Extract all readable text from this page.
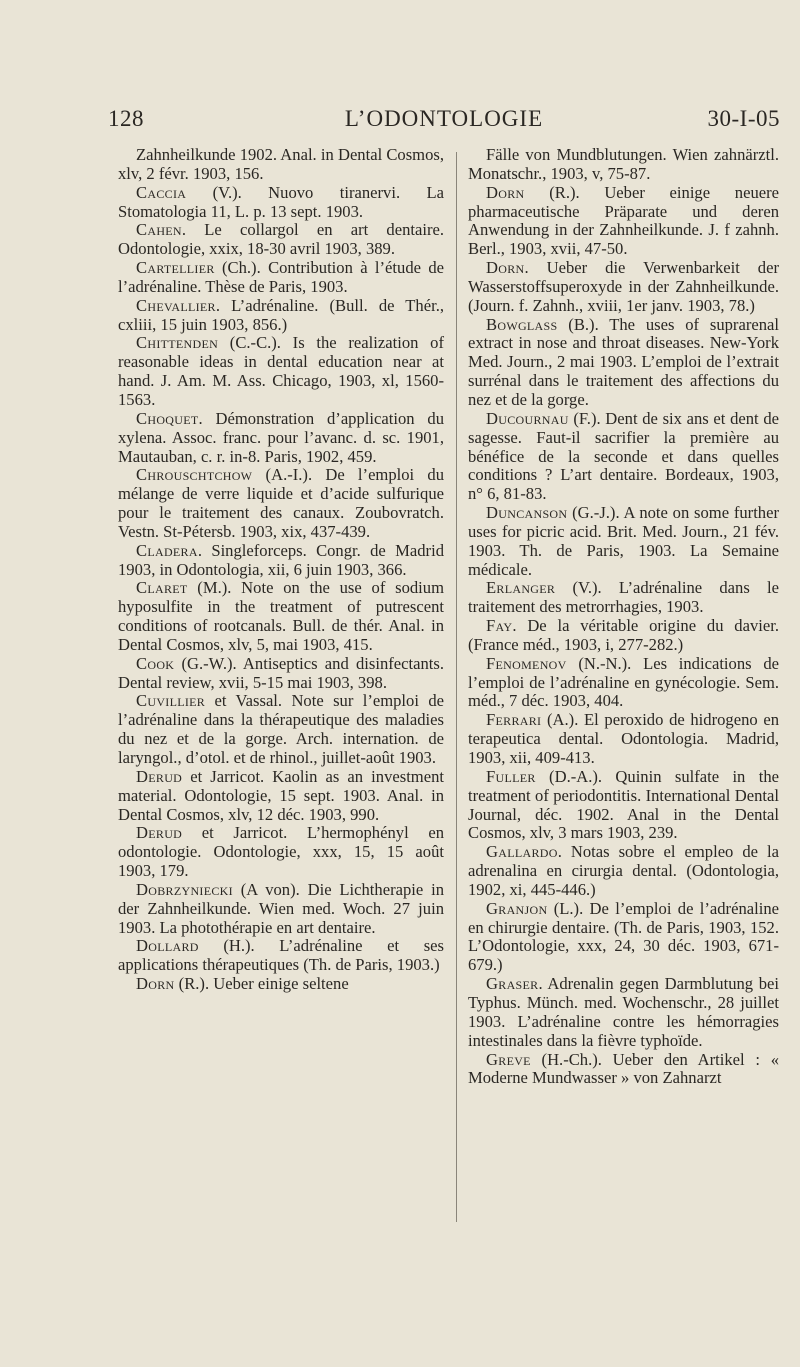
128	L’ODONTOLOGIE	30-I-05

Zahnheilkunde 1902. Anal. in Dental Cosmos, xlv, 2 févr. 1903, 156.

Caccia (V.). Nuovo tiranervi. La Stomatologia 11, L. p. 13 sept. 1903.

Cahen. Le collargol en art dentaire. Odontologie, xxix, 18-30 avril 1903, 389.

Cartellier (Ch.). Contribution à l’étude de l’adrénaline. Thèse de Paris, 1903.

Chevallier. L’adrénaline. (Bull. de Thér., cxliii, 15 juin 1903, 856.)

Chittenden (C.-C.). Is the realization of reasonable ideas in dental education near at hand. J. Am. M. Ass. Chicago, 1903, xl, 1560-1563.

Choquet. Démonstration d’application du xylena. Assoc. franc. pour l’avanc. d. sc. 1901, Mautauban, c. r. in-8. Paris, 1902, 459.

Chrouschtchow (A.-I.). De l’emploi du mélange de verre liquide et d’acide sulfurique pour le traitement des canaux. Zoubovratch. Vestn. St-Pétersb. 1903, xix, 437-439.

Cladera. Singleforceps. Congr. de Madrid 1903, in Odontologia, xii, 6 juin 1903, 366.

Claret (M.). Note on the use of sodium hyposulfite in the treatment of putrescent conditions of rootcanals. Bull. de thér. Anal. in Dental Cosmos, xlv, 5, mai 1903, 415.

Cook (G.-W.). Antiseptics and disinfectants. Dental review, xvii, 5-15 mai 1903, 398.

Cuvillier et Vassal. Note sur l’emploi de l’adrénaline dans la thérapeutique des maladies du nez et de la gorge. Arch. internation. de laryngol., d’otol. et de rhinol., juillet-août 1903.

Derud et Jarricot. Kaolin as an investment material. Odontologie, 15 sept. 1903. Anal. in Dental Cosmos, xlv, 12 déc. 1903, 990.

Derud et Jarricot. L’hermophényl en odontologie. Odontologie, xxx, 15, 15 août 1903, 179.

Dobrzyniecki (A von). Die Lichtherapie in der Zahnheilkunde. Wien med. Woch. 27 juin 1903. La photothérapie en art dentaire.

Dollard (H.). L’adrénaline et ses applications thérapeutiques (Th. de Paris, 1903.)

Dorn (R.). Ueber einige seltene

Fälle von Mundblutungen. Wien zahnärztl. Monatschr., 1903, v, 75-87.

Dorn (R.). Ueber einige neuere pharmaceutische Präparate und deren Anwendung in der Zahnheilkunde. J. f zahnh. Berl., 1903, xvii, 47-50.

Dorn. Ueber die Verwenbarkeit der Wasserstoffsuperoxyde in der Zahnheilkunde. (Journ. f. Zahnh., xviii, 1er janv. 1903, 78.)

Bowglass (B.). The uses of suprarenal extract in nose and throat diseases. New-York Med. Journ., 2 mai 1903. L’emploi de l’extrait surrénal dans le traitement des affections du nez et de la gorge.

Ducournau (F.). Dent de six ans et dent de sagesse. Faut-il sacrifier la première au bénéfice de la seconde et dans quelles conditions ? L’art dentaire. Bordeaux, 1903, n° 6, 81-83.

Duncanson (G.-J.). A note on some further uses for picric acid. Brit. Med. Journ., 21 fév. 1903. Th. de Paris, 1903. La Semaine médicale.

Erlanger (V.). L’adrénaline dans le traitement des metrorrhagies, 1903.

Fay. De la véritable origine du davier. (France méd., 1903, i, 277-282.)

Fenomenov (N.-N.). Les indications de l’emploi de l’adrénaline en gynécologie. Sem. méd., 7 déc. 1903, 404.

Ferrari (A.). El peroxido de hidrogeno en terapeutica dental. Odontologia. Madrid, 1903, xii, 409-413.

Fuller (D.-A.). Quinin sulfate in the treatment of periodontitis. International Dental Journal, déc. 1902. Anal in the Dental Cosmos, xlv, 3 mars 1903, 239.

Gallardo. Notas sobre el empleo de la adrenalina en cirurgia dental. (Odontologia, 1902, xi, 445-446.)

Granjon (L.). De l’emploi de l’adrénaline en chirurgie dentaire. (Th. de Paris, 1903, 152. L’Odontologie, xxx, 24, 30 déc. 1903, 671-679.)

Graser. Adrenalin gegen Darmblutung bei Typhus. Münch. med. Wochenschr., 28 juillet 1903. L’adrénaline contre les hémorragies intestinales dans la fièvre typhoïde.

Greve (H.-Ch.). Ueber den Artikel : « Moderne Mundwasser » von Zahnarzt
